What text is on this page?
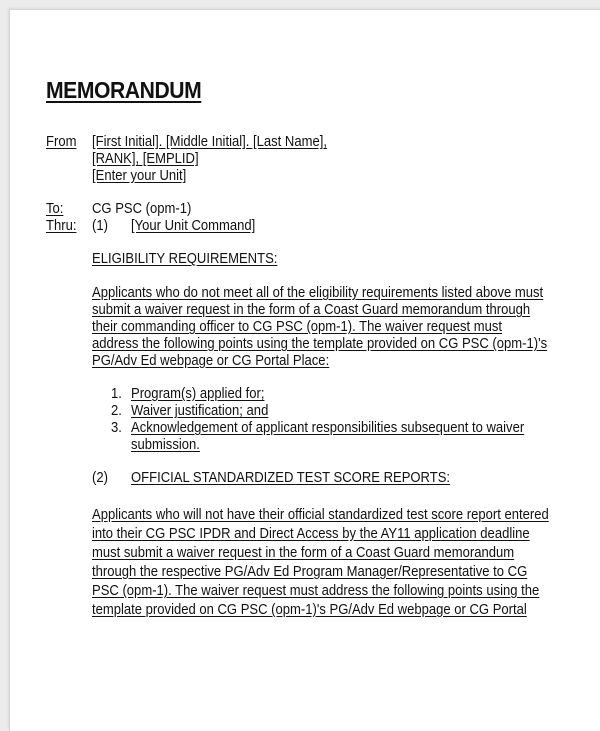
MEMORANDUM
From [First Initial]. [Middle Initial]. [Last Name],
[RANK], [EMPLID]
[Enter your Unit]
To: CG PSC (opm-1)
Thru: (1) [Your Unit Command]
ELIGIBILITY REQUIREMENTS:
Applicants who do not meet all of the eligibility requirements listed above must
submit a waiver request in the form of a Coast Guard memorandum through
their commanding officer to CG PSC (opm-1). The waiver request must
address the following points using the template provided on CG PSC (opm-1)'s
PG/Adv Ed webpage or CG Portal Place:
1. Program(s) applied for;
2. Waiver justification; and
3. Acknowledgement of applicant responsibilities subsequent to waiver
submission.
(2) OFFICIAL STANDARDIZED TEST SCORE REPORTS:
Applicants who will not have their official standardized test score report entered
into their CG PSC IPDR and Direct Access by the AY11 application deadline
must submit a waiver request in the form of a Coast Guard memorandum
through the respective PG/Adv Ed Program Manager/Representative to CG
PSC (opm-1). The waiver request must address the following points using the
template provided on CG PSC (opm-1)'s PG/Adv Ed webpage or CG Portal
